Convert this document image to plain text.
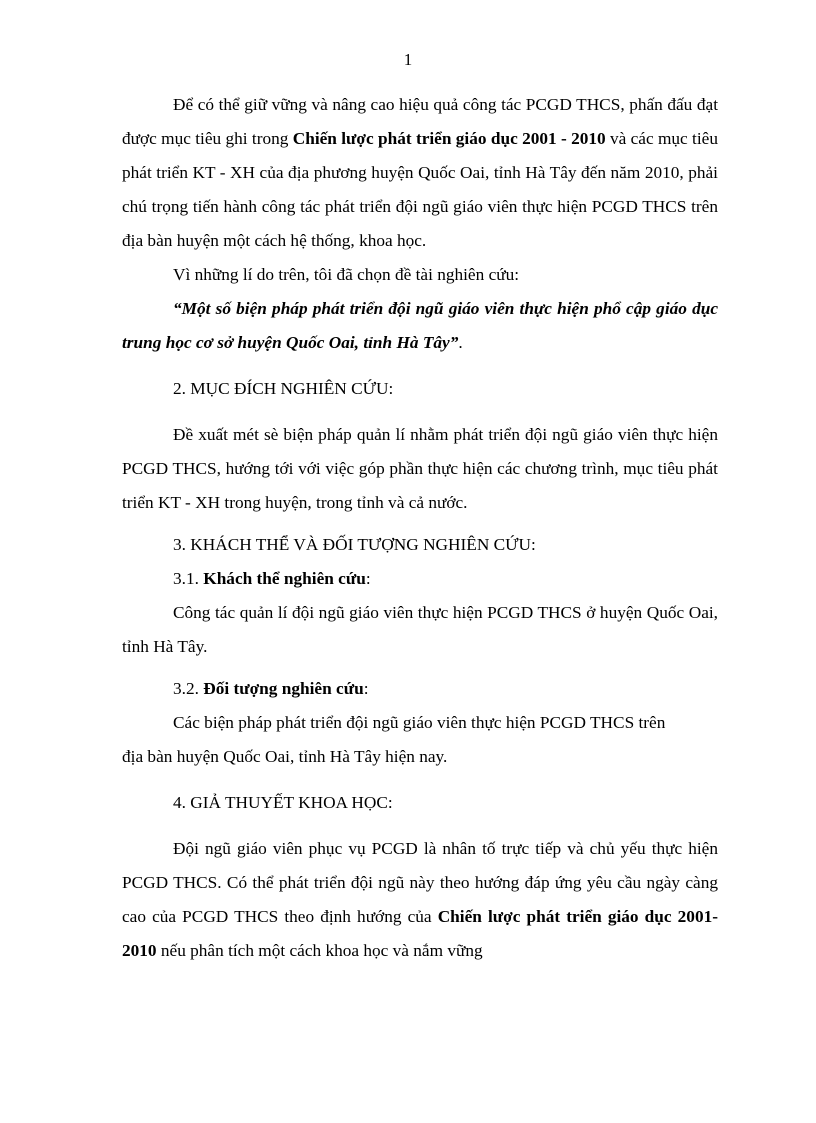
1

Để có thể giữ vững và nâng cao hiệu quả công tác PCGD THCS, phấn đấu đạt được mục tiêu ghi trong Chiến lược phát triển giáo dục 2001 - 2010 và các mục tiêu phát triển KT - XH của địa phương huyện Quốc Oai, tỉnh Hà Tây đến năm 2010, phải chú trọng tiến hành công tác phát triển đội ngũ giáo viên thực hiện PCGD THCS trên địa bàn huyện một cách hệ thống, khoa học.

Vì những lí do trên, tôi đã chọn đề tài nghiên cứu:

“Một số biện pháp phát triển đội ngũ giáo viên thực hiện phổ cập giáo dục trung học cơ sở huyện Quốc Oai, tỉnh Hà Tây”.

2. MỤC ĐÍCH NGHIÊN CỨU:

Đề xuất mét sè biện pháp quản lí nhằm phát triển đội ngũ giáo viên thực hiện PCGD THCS, hướng tới với việc góp phần thực hiện các chương trình, mục tiêu phát triển KT - XH trong huyện, trong tỉnh và cả nước.

3. KHÁCH THỂ VÀ ĐỐI TƯỢNG NGHIÊN CỨU:

3.1. Khách thể nghiên cứu:

Công tác quản lí đội ngũ giáo viên thực hiện PCGD THCS ở huyện Quốc Oai, tỉnh Hà Tây.

3.2. Đối tượng nghiên cứu:

Các biện pháp phát triển đội ngũ giáo viên thực hiện PCGD THCS trên

địa bàn huyện Quốc Oai, tỉnh Hà Tây hiện nay.

4. GIẢ THUYẾT KHOA HỌC:

Đội ngũ giáo viên phục vụ PCGD là nhân tố trực tiếp và chủ yếu thực hiện PCGD THCS. Có thể phát triển đội ngũ này theo hướng đáp ứng yêu cầu ngày càng cao của PCGD THCS theo định hướng của Chiến lược phát triển giáo dục 2001- 2010 nếu phân tích một cách khoa học và nắm vững
